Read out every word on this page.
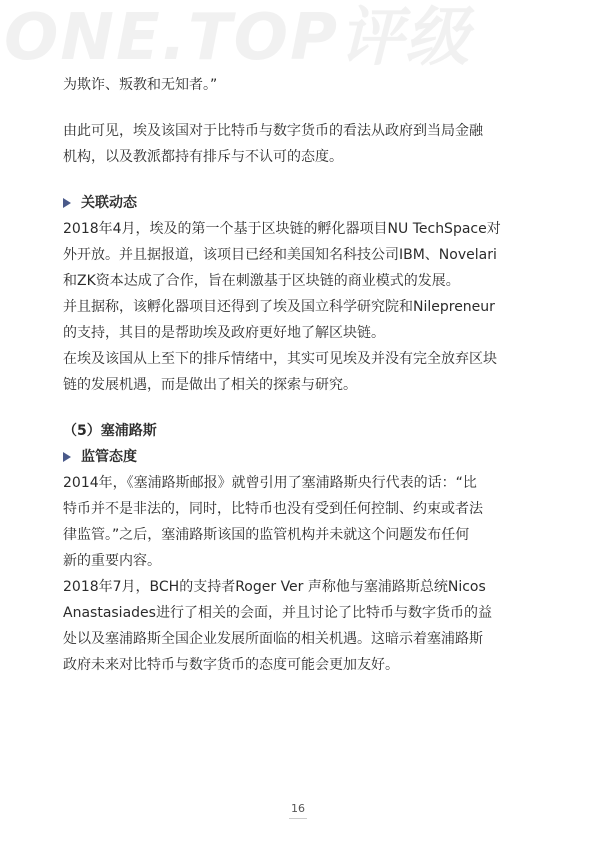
ONE.TOP评级
为欺诈、叛教和无知者。”
由此可见，埃及该国对于比特币与数字货币的看法从政府到当局金融
机构，以及教派都持有排斥与不认可的态度。
关联动态
2018年4月，埃及的第一个基于区块链的孵化器项目NU TechSpace对
外开放。并且据报道，该项目已经和美国知名科技公司IBM、Novelari
和ZK资本达成了合作，旨在刺激基于区块链的商业模式的发展。
并且据称，该孵化器项目还得到了埃及国立科学研究院和Nilepreneur
的支持，其目的是帮助埃及政府更好地了解区块链。
在埃及该国从上至下的排斥情绪中，其实可见埃及并没有完全放弃区块
链的发展机遇，而是做出了相关的探索与研究。
（5）塞浦路斯
监管态度
2014年，《塞浦路斯邮报》就曾引用了塞浦路斯央行代表的话：“比
特币并不是非法的，同时，比特币也没有受到任何控制、约束或者法
律监管。”之后，塞浦路斯该国的监管机构并未就这个问题发布任何
新的重要内容。
2018年7月，BCH的支持者Roger Ver 声称他与塞浦路斯总统Nicos
Anastasiades进行了相关的会面，并且讨论了比特币与数字货币的益
处以及塞浦路斯全国企业发展所面临的相关机遇。这暗示着塞浦路斯
政府未来对比特币与数字货币的态度可能会更加友好。
16
